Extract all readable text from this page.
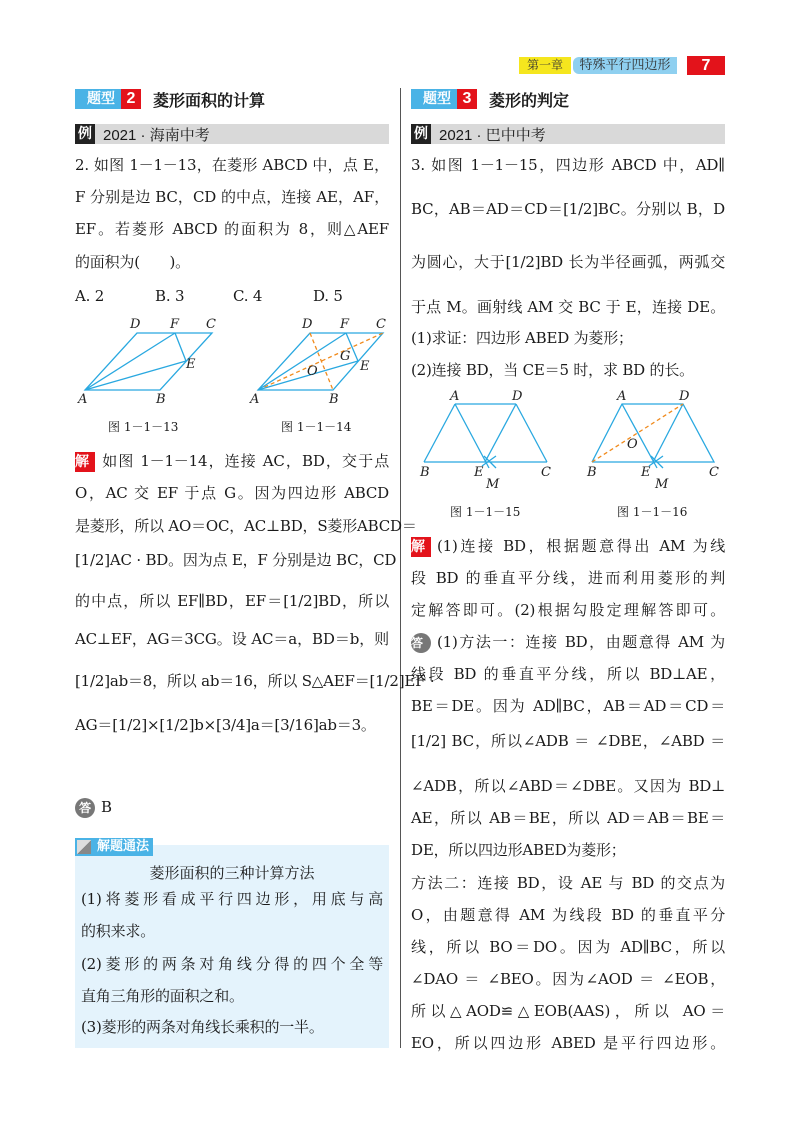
第一章	特殊平行四边形	7
题型 2	菱形面积的计算
例 2021 · 海南中考
题型 3	菱形的判定
例 2021 · 巴中中考
A. 2	B. 3	C. 4	D. 5
D F C
E
A	B
D F C
G
O	E
A	B	A	D
B	E	C
M
A	D
O
B	E	C
M
图 1－1－13	图 1－1－14
图 1－1－15	图 1－1－16
答 B
解题通法
菱形面积的三种计算方法
2. 如图 1－1－13，在菱形 ABCD 中，点 E，
F 分别是边 BC，CD 的中点，连接 AE，AF，
EF。若菱形 ABCD 的面积为 8，则△AEF
的面积为(　　)。
解 如图 1－1－14，连接 AC，BD，交于点
O，AC 交 EF 于点 G。因为四边形 ABCD
是菱形，所以 AO＝OC，AC⊥BD，S菱形ABCD＝
[1/2]AC · BD。因为点 E，F 分别是边 BC，CD
的中点，所以 EF∥BD，EF＝[1/2]BD，所以
AC⊥EF，AG＝3CG。设 AC＝a，BD＝b，则
[1/2]ab＝8，所以 ab＝16，所以 S△AEF＝[1/2]EF ·
AG＝[1/2]×[1/2]b×[3/4]a＝[3/16]ab＝3。
(1)将菱形看成平行四边形，用底与高
的积来求。
(2)菱形的两条对角线分得的四个全等
直角三角形的面积之和。
(3)菱形的两条对角线长乘积的一半。
3. 如图 1－1－15，四边形 ABCD 中，AD∥
BC，AB＝AD＝CD＝[1/2]BC。分别以 B，D
为圆心，大于[1/2]BD 长为半径画弧，两弧交
于点 M。画射线 AM 交 BC 于 E，连接 DE。
(1)求证：四边形 ABED 为菱形；
(2)连接 BD，当 CE＝5 时，求 BD 的长。
解 (1)连接 BD，根据题意得出 AM 为线
段 BD 的垂直平分线，进而利用菱形的判
定解答即可。(2)根据勾股定理解答即可。
答 (1)方法一：连接 BD，由题意得 AM 为
线段 BD 的垂直平分线，所以 BD⊥AE，
BE＝DE。因为 AD∥BC，AB＝AD＝CD＝
[1/2] BC，所以∠ADB ＝ ∠DBE，∠ABD ＝
∠ADB，所以∠ABD＝∠DBE。又因为 BD⊥
AE，所以 AB＝BE，所以 AD＝AB＝BE＝
DE，所以四边形ABED为菱形；
方法二：连接 BD，设 AE 与 BD 的交点为
O，由题意得 AM 为线段 BD 的垂直平分
线，所以 BO＝DO。因为 AD∥BC，所以
∠DAO ＝ ∠BEO。因为∠AOD ＝ ∠EOB，
所以△AOD≌△EOB(AAS)，所以 AO＝
EO，所以四边形 ABED 是平行四边形。
